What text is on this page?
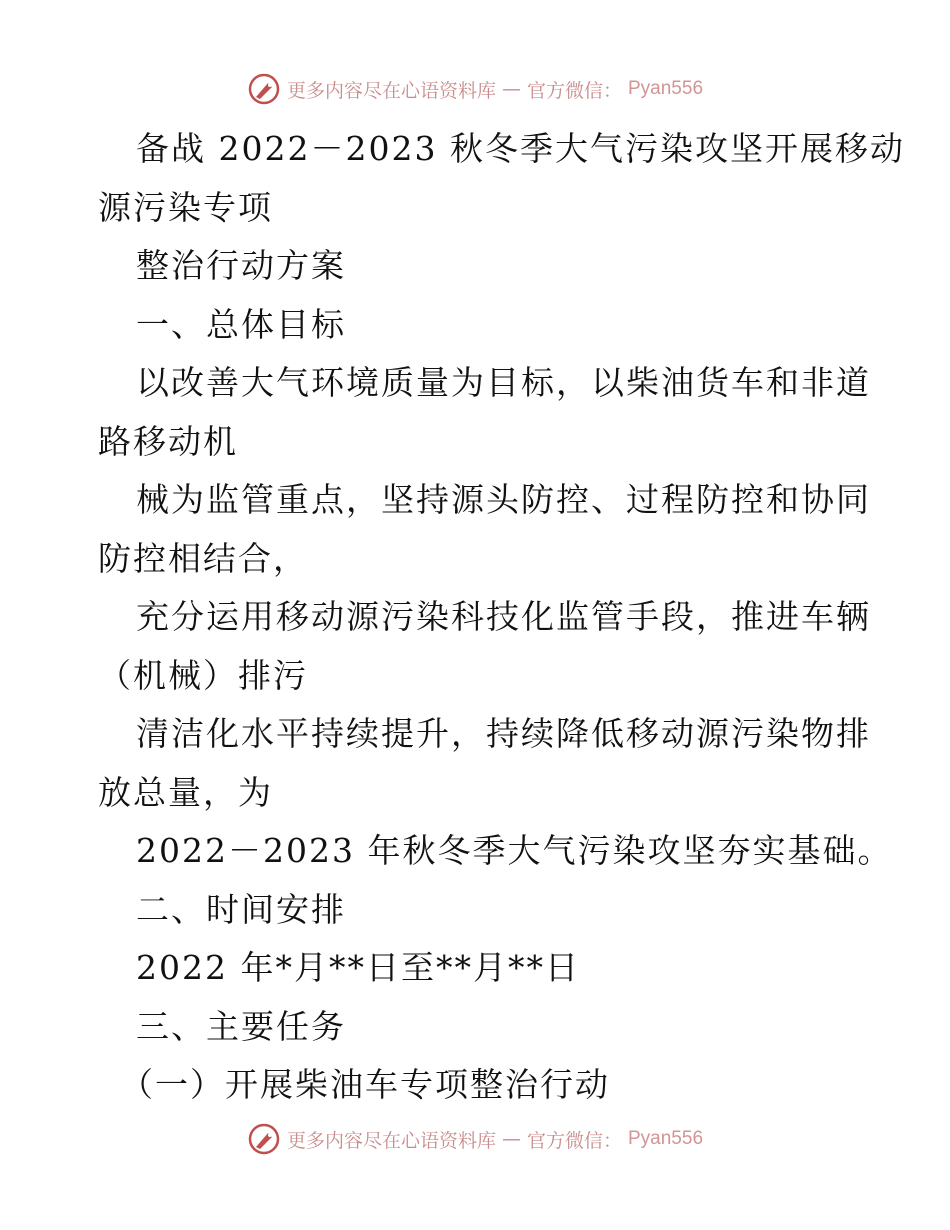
更多内容尽在心语资料库 — 官方微信： Pyan556
备战 2022－2023 秋冬季大气污染攻坚开展移动
源污染专项
整治行动方案
一、总体目标
以改善大气环境质量为目标，以柴油货车和非道
路移动机
械为监管重点，坚持源头防控、过程防控和协同
防控相结合，
充分运用移动源污染科技化监管手段，推进车辆
（机械）排污
清洁化水平持续提升，持续降低移动源污染物排
放总量，为
2022－2023 年秋冬季大气污染攻坚夯实基础。
二、时间安排
2022 年*月**日至**月**日
三、主要任务
（一）开展柴油车专项整治行动
更多内容尽在心语资料库 — 官方微信： Pyan556
